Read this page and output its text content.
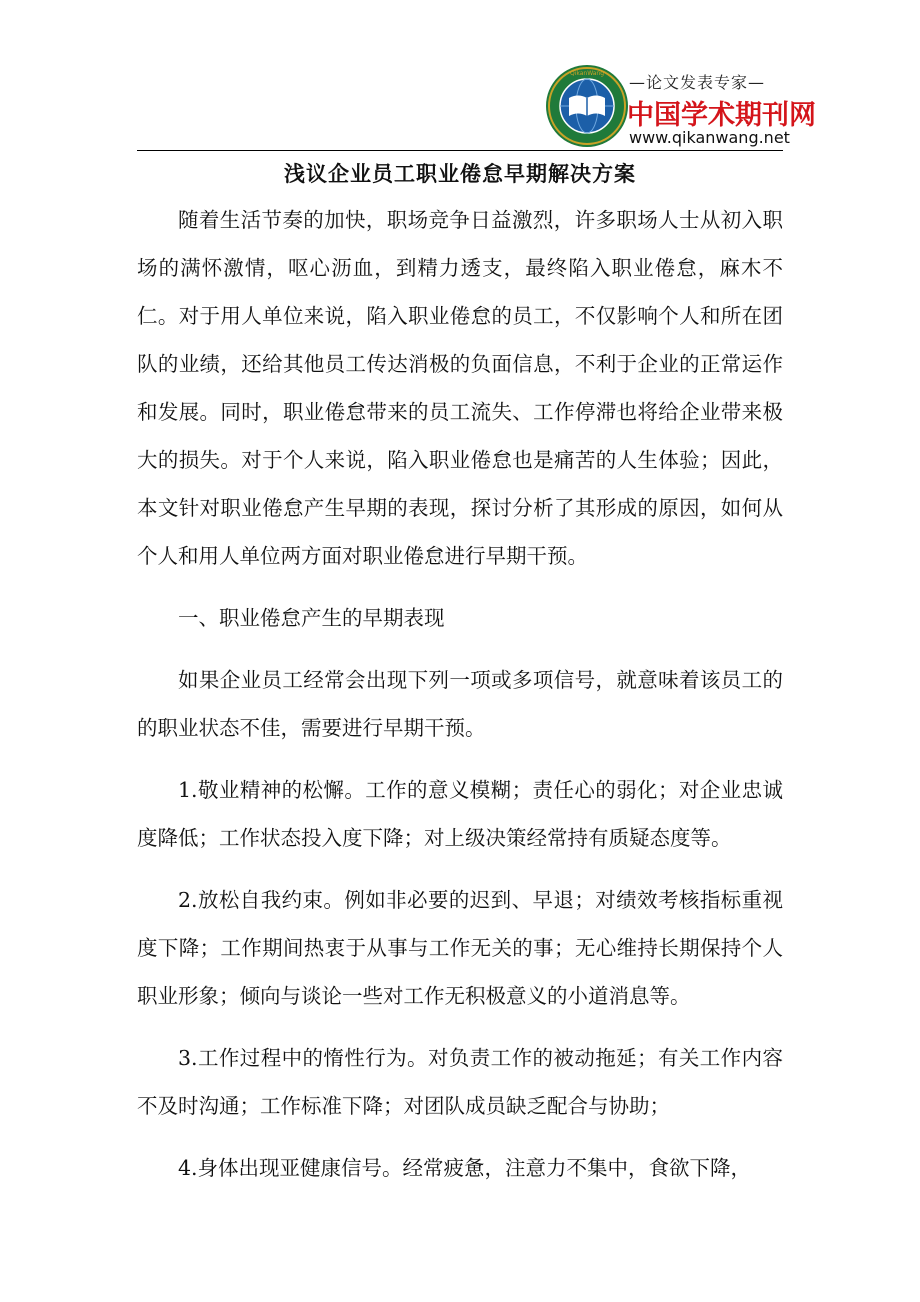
QikanWang —论文发表专家—
中国学术期刊网
www.qikanwang.net
浅议企业员工职业倦怠早期解决方案

随着生活节奏的加快，职场竞争日益激烈，许多职场人士从初入职场的满怀激情，呕心沥血，到精力透支，最终陷入职业倦怠，麻木不仁。对于用人单位来说，陷入职业倦怠的员工，不仅影响个人和所在团队的业绩，还给其他员工传达消极的负面信息，不利于企业的正常运作和发展。同时，职业倦怠带来的员工流失、工作停滞也将给企业带来极大的损失。对于个人来说，陷入职业倦怠也是痛苦的人生体验；因此，本文针对职业倦怠产生早期的表现，探讨分析了其形成的原因，如何从个人和用人单位两方面对职业倦怠进行早期干预。

一、职业倦怠产生的早期表现

如果企业员工经常会出现下列一项或多项信号，就意味着该员工的的职业状态不佳，需要进行早期干预。

1.敬业精神的松懈。工作的意义模糊；责任心的弱化；对企业忠诚度降低；工作状态投入度下降；对上级决策经常持有质疑态度等。

2.放松自我约束。例如非必要的迟到、早退；对绩效考核指标重视度下降；工作期间热衷于从事与工作无关的事；无心维持长期保持个人职业形象；倾向与谈论一些对工作无积极意义的小道消息等。

3.工作过程中的惰性行为。对负责工作的被动拖延；有关工作内容不及时沟通；工作标准下降；对团队成员缺乏配合与协助；

4.身体出现亚健康信号。经常疲惫，注意力不集中，食欲下降，
